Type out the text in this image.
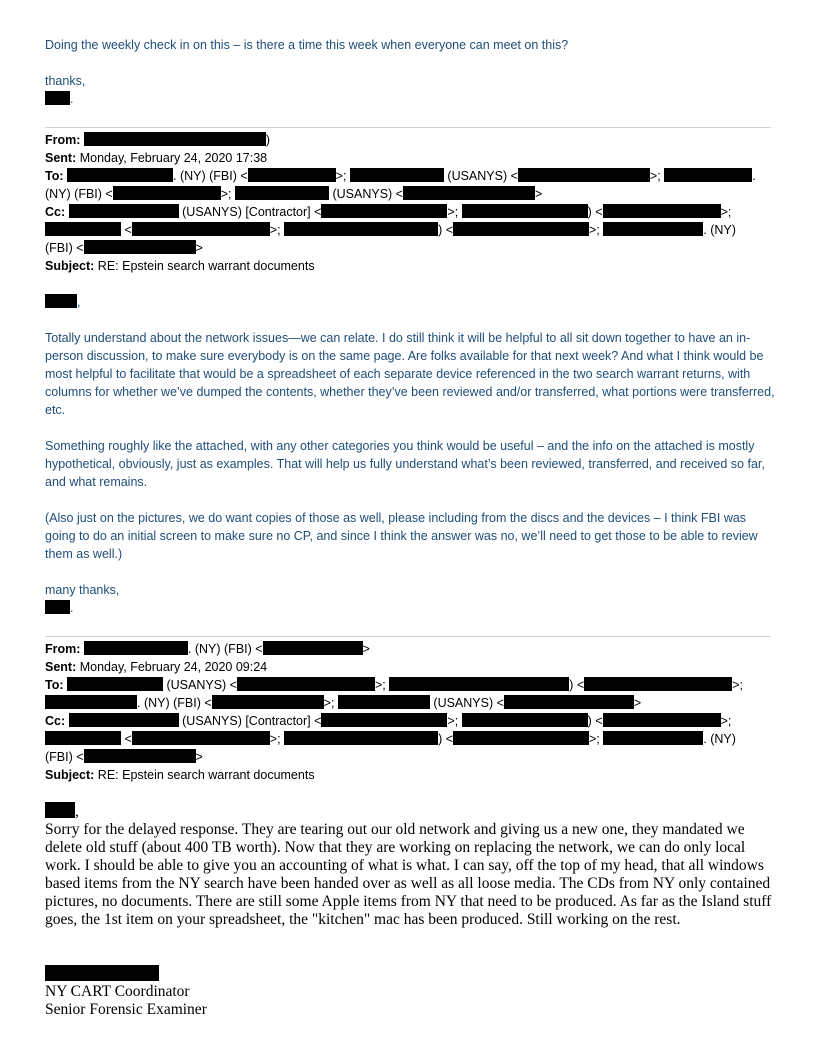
Doing the weekly check in on this – is there a time this week when everyone can meet on this?

thanks,

.
From:	)
Sent: Monday, February 24, 2020 17:38
To:	. (NY) (FBI) <	>;	(USANYS) <	>;	.
(NY) (FBI) <	>;	(USANYS) <	>
Cc:	(USANYS) [Contractor] <	>;	) <	>;
<	>;	) <	>;	. (NY)
(FBI) <	>
Subject: RE: Epstein search warrant documents
,

Totally understand about the network issues—we can relate. I do still think it will be helpful to all sit down together to have an in-person discussion, to make sure everybody is on the same page. Are folks available for that next week? And what I think would be most helpful to facilitate that would be a spreadsheet of each separate device referenced in the two search warrant returns, with columns for whether we’ve dumped the contents, whether they’ve been reviewed and/or transferred, what portions were transferred, etc.

Something roughly like the attached, with any other categories you think would be useful – and the info on the attached is mostly hypothetical, obviously, just as examples. That will help us fully understand what’s been reviewed, transferred, and received so far, and what remains.

(Also just on the pictures, we do want copies of those as well, please including from the discs and the devices – I think FBI was going to do an initial screen to make sure no CP, and since I think the answer was no, we’ll need to get those to be able to review them as well.)

many thanks,

.
From:	. (NY) (FBI) <	>
Sent: Monday, February 24, 2020 09:24
To:	(USANYS) <	>;	) <	>;
. (NY) (FBI) <	>;	(USANYS) <	>
Cc:	(USANYS) [Contractor] <	>;	) <	>;
<	>;	) <	>;	. (NY)
(FBI) <	>
Subject: RE: Epstein search warrant documents
,

Sorry for the delayed response. They are tearing out our old network and giving us a new one, they mandated we delete old stuff (about 400 TB worth). Now that they are working on replacing the network, we can do only local work. I should be able to give you an accounting of what is what. I can say, off the top of my head, that all windows based items from the NY search have been handed over as well as all loose media. The CDs from NY only contained pictures, no documents. There are still some Apple items from NY that need to be produced. As far as the Island stuff goes, the 1st item on your spreadsheet, the "kitchen" mac has been produced. Still working on the rest.

NY CART Coordinator

Senior Forensic Examiner
